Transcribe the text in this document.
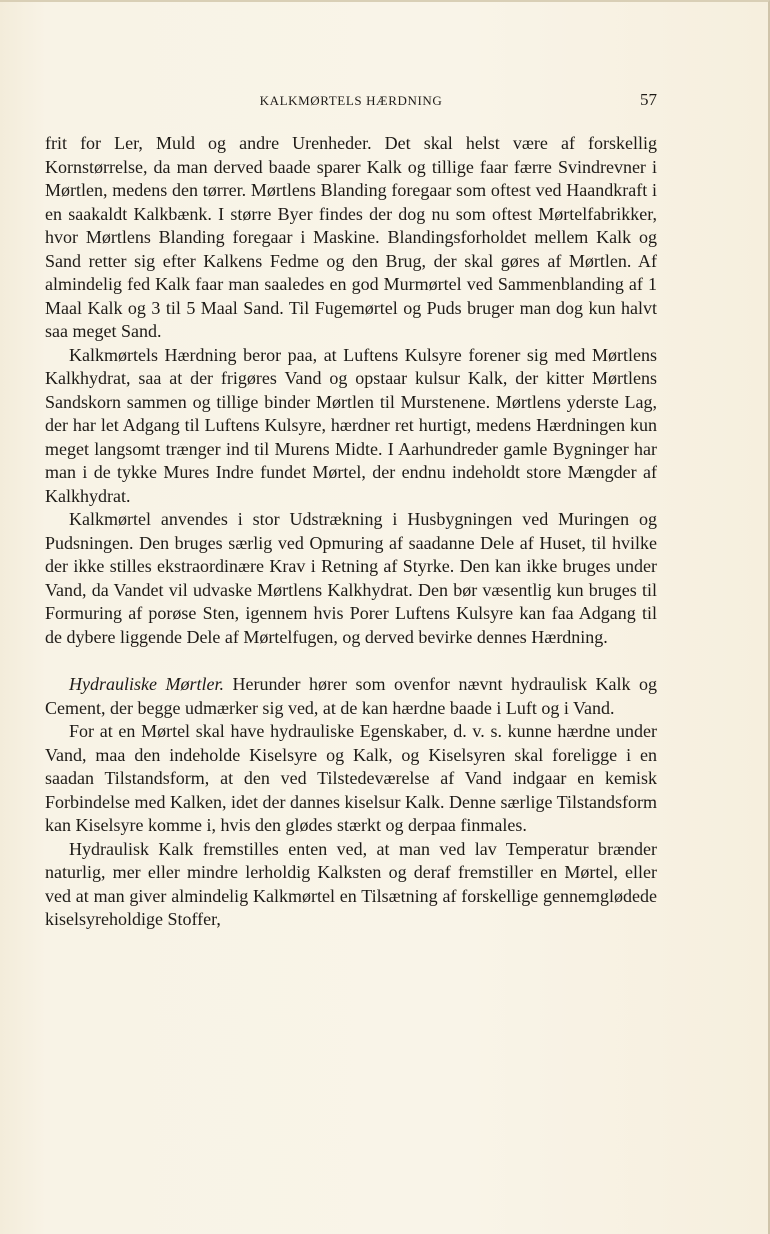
KALKMØRTELS HÆRDNING	57

frit for Ler, Muld og andre Urenheder. Det skal helst være af forskellig Kornstørrelse, da man derved baade sparer Kalk og tillige faar færre Svindrevner i Mørtlen, medens den tørrer. Mørtlens Blanding foregaar som oftest ved Haandkraft i en saakaldt Kalkbænk. I større Byer findes der dog nu som oftest Mørtelfabrikker, hvor Mørtlens Blanding foregaar i Maskine. Blandingsforholdet mellem Kalk og Sand retter sig efter Kalkens Fedme og den Brug, der skal gøres af Mørtlen. Af almindelig fed Kalk faar man saaledes en god Murmørtel ved Sammenblanding af 1 Maal Kalk og 3 til 5 Maal Sand. Til Fugemørtel og Puds bruger man dog kun halvt saa meget Sand.

Kalkmørtels Hærdning beror paa, at Luftens Kulsyre forener sig med Mørtlens Kalkhydrat, saa at der frigøres Vand og opstaar kulsur Kalk, der kitter Mørtlens Sandskorn sammen og tillige binder Mørtlen til Murstenene. Mørtlens yderste Lag, der har let Adgang til Luftens Kulsyre, hærdner ret hurtigt, medens Hærdningen kun meget langsomt trænger ind til Murens Midte. I Aarhundreder gamle Bygninger har man i de tykke Mures Indre fundet Mørtel, der endnu indeholdt store Mængder af Kalkhydrat.

Kalkmørtel anvendes i stor Udstrækning i Husbygningen ved Muringen og Pudsningen. Den bruges særlig ved Opmuring af saadanne Dele af Huset, til hvilke der ikke stilles ekstraordinære Krav i Retning af Styrke. Den kan ikke bruges under Vand, da Vandet vil udvaske Mørtlens Kalkhydrat. Den bør væsentlig kun bruges til Formuring af porøse Sten, igennem hvis Porer Luftens Kulsyre kan faa Adgang til de dybere liggende Dele af Mørtelfugen, og derved bevirke dennes Hærdning.

Hydrauliske Mørtler. Herunder hører som ovenfor nævnt hydraulisk Kalk og Cement, der begge udmærker sig ved, at de kan hærdne baade i Luft og i Vand.

For at en Mørtel skal have hydrauliske Egenskaber, d. v. s. kunne hærdne under Vand, maa den indeholde Kiselsyre og Kalk, og Kiselsyren skal foreligge i en saadan Tilstandsform, at den ved Tilstedeværelse af Vand indgaar en kemisk Forbindelse med Kalken, idet der dannes kiselsur Kalk. Denne særlige Tilstandsform kan Kiselsyre komme i, hvis den glødes stærkt og derpaa finmales.

Hydraulisk Kalk fremstilles enten ved, at man ved lav Temperatur brænder naturlig, mer eller mindre lerholdig Kalksten og deraf fremstiller en Mørtel, eller ved at man giver almindelig Kalkmørtel en Tilsætning af forskellige gennemglødede kiselsyreholdige Stoffer,
